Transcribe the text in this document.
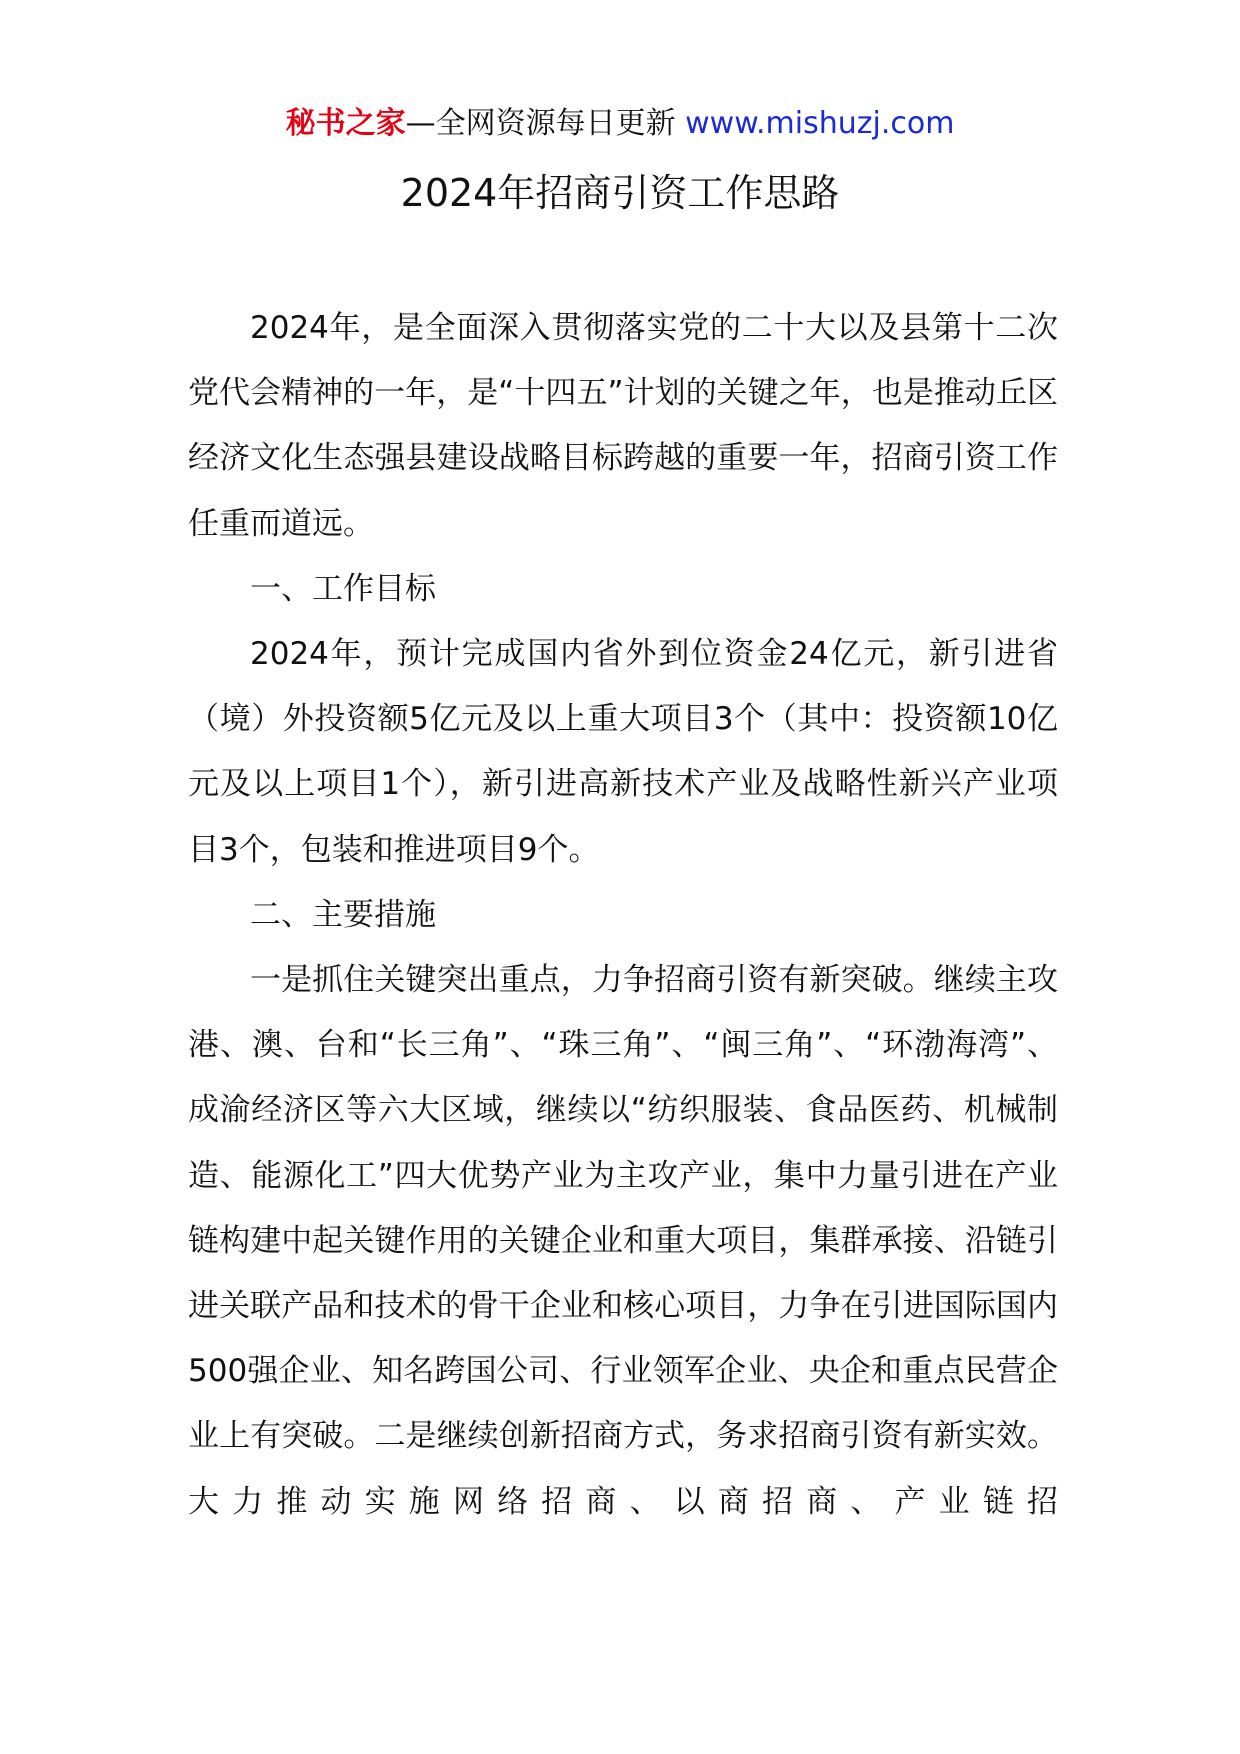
秘书之家—全网资源每日更新 www.mishuzj.com
2024年招商引资工作思路

2024年，是全面深入贯彻落实党的二十大以及县第十二次党代会精神的一年，是“十四五”计划的关键之年，也是推动丘区经济文化生态强县建设战略目标跨越的重要一年，招商引资工作任重而道远。

一、工作目标

2024年，预计完成国内省外到位资金24亿元，新引进省（境）外投资额5亿元及以上重大项目3个（其中：投资额10亿元及以上项目1个），新引进高新技术产业及战略性新兴产业项目3个，包装和推进项目9个。

二、主要措施

一是抓住关键突出重点，力争招商引资有新突破。继续主攻港、澳、台和“长三角”、“珠三角”、“闽三角”、“环渤海湾”、成渝经济区等六大区域，继续以“纺织服装、食品医药、机械制造、能源化工”四大优势产业为主攻产业，集中力量引进在产业链构建中起关键作用的关键企业和重大项目，集群承接、沿链引进关联产品和技术的骨干企业和核心项目，力争在引进国际国内500强企业、知名跨国公司、行业领军企业、央企和重点民营企业上有突破。二是继续创新招商方式，务求招商引资有新实效。大力推动实施网络招商、以商招商、产业链招
